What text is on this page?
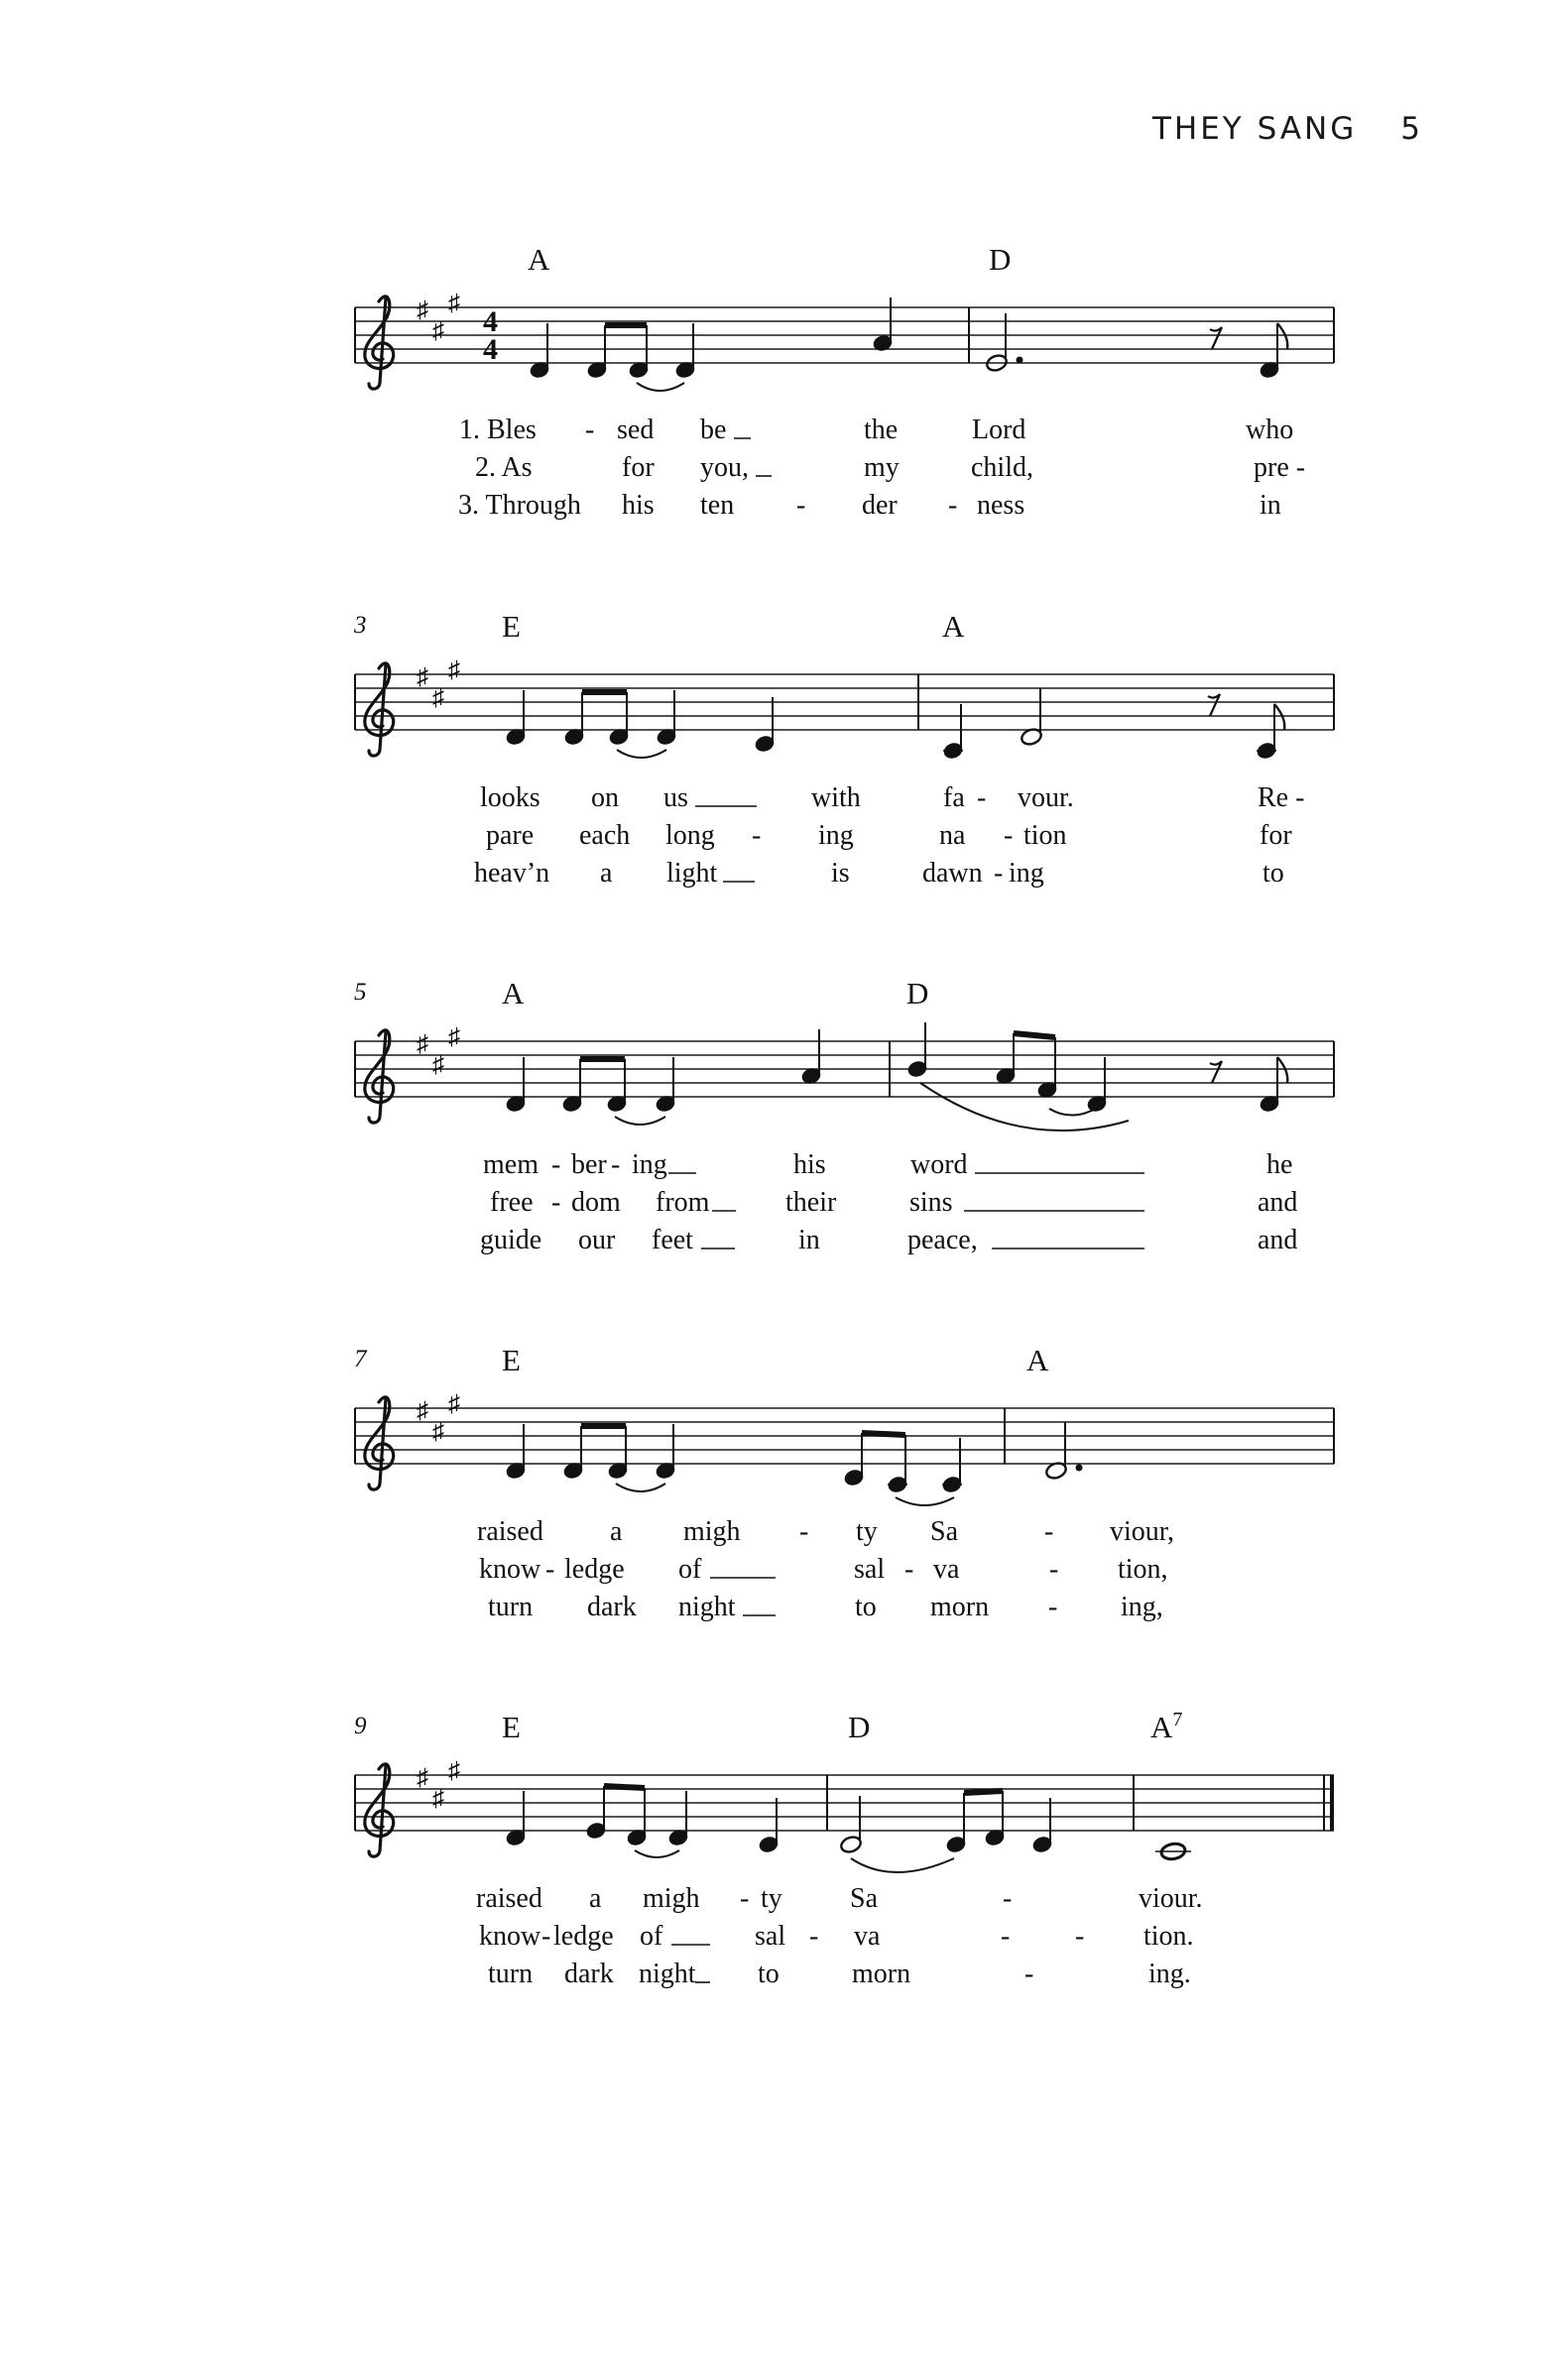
THEY SANG 5
♯
♯
♯
4
4
A	D
1. Bles - sed be	the	Lord	who
2. As	for you,	my	child,	pre -
3. Through his ten - der - ness	in
3
♯
♯
♯
E	A
looks on us	with	fa - vour.	Re -
pare each long - ing	na - tion	for
heav’n a light	is	dawn - ing	to
5
♯
♯
♯
A	D
mem - ber - ing	his	word	he
free - dom from	their	sins	and
guide our feet	in	peace,	and
7
♯
♯
♯
E	A
raised a migh - ty Sa	- viour,
know - ledge of	sal - va	- tion,
turn dark night	to morn - ing,
9
♯
♯
♯
E	D	$A^7$
raised a migh - ty Sa	-	viour.
know - ledge of	sal - va	- - tion.
turn dark night to	morn	-	ing.
